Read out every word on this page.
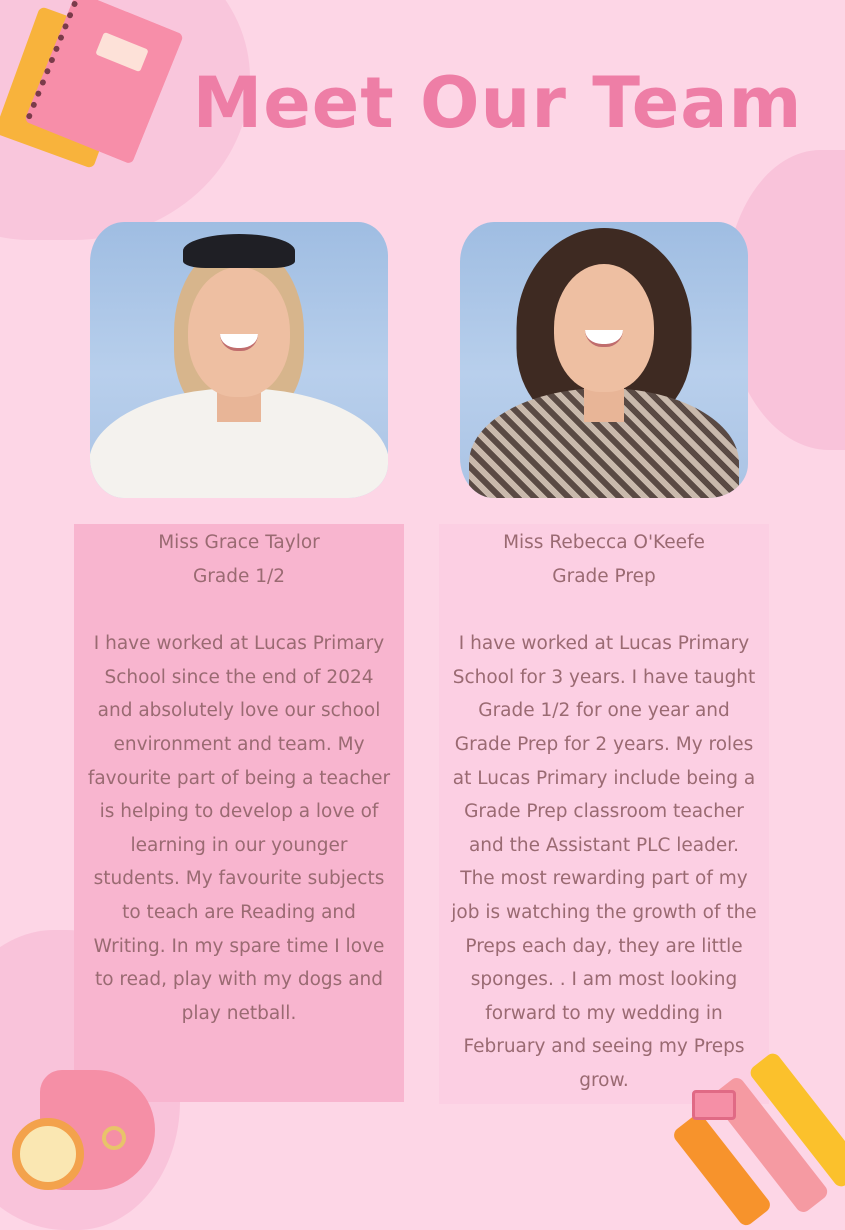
Meet Our Team
Miss Grace Taylor
Grade 1/2
I have worked at Lucas Primary School since the end of 2024 and absolutely love our school environment and team. My favourite part of being a teacher is helping to develop a love of learning in our younger students. My favourite subjects to teach are Reading and Writing. In my spare time I love to read, play with my dogs and play netball.
Miss Rebecca O'Keefe
Grade Prep
I have worked at Lucas Primary School for 3 years. I have taught Grade 1/2 for one year and Grade Prep for 2 years. My roles at Lucas Primary include being a Grade Prep classroom teacher and the Assistant PLC leader. The most rewarding part of my job is watching the growth of the Preps each day, they are little sponges. . I am most looking forward to my wedding in February and seeing my Preps grow.
